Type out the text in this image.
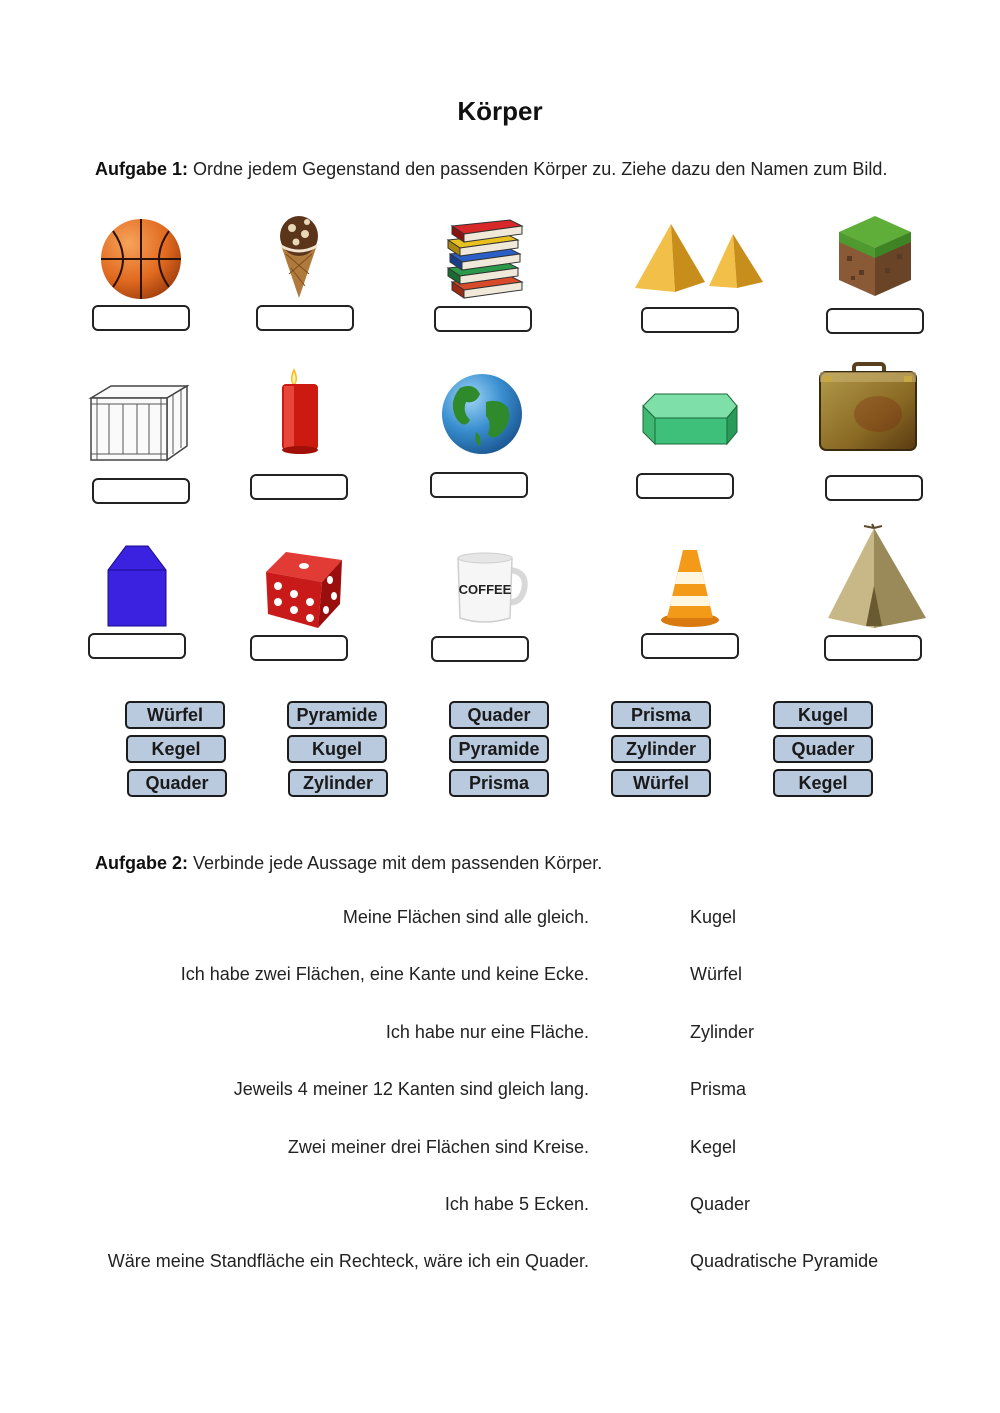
Körper
Aufgabe 1: Ordne jedem Gegenstand den passenden Körper zu. Ziehe dazu den Namen zum Bild.
COFFEE
Würfel
Kegel
Quader
Pyramide
Kugel
Zylinder
Quader
Pyramide
Prisma
Prisma
Zylinder
Würfel
Kugel
Quader
Kegel
Aufgabe 2: Verbinde jede Aussage mit dem passenden Körper.
Meine Flächen sind alle gleich.
Ich habe zwei Flächen, eine Kante und keine Ecke.
Ich habe nur eine Fläche.
Jeweils 4 meiner 12 Kanten sind gleich lang.
Zwei meiner drei Flächen sind Kreise.
Ich habe 5 Ecken.
Wäre meine Standfläche ein Rechteck, wäre ich ein Quader.
Kugel
Würfel
Zylinder
Prisma
Kegel
Quader
Quadratische Pyramide
